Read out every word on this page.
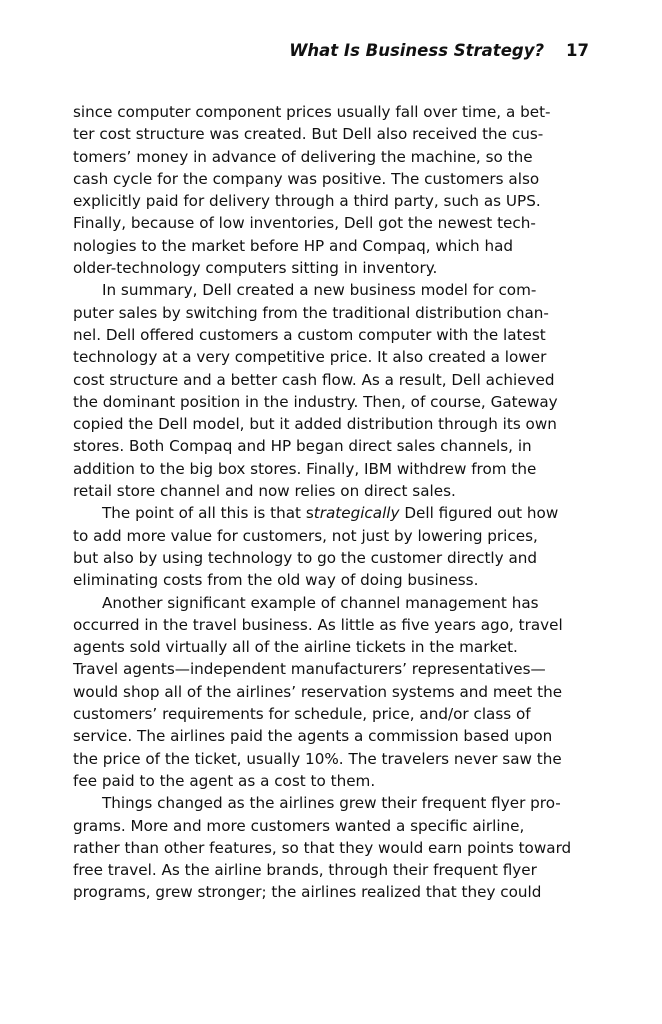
What Is Business Strategy? 17
since computer component prices usually fall over time, a bet-
ter cost structure was created. But Dell also received the cus-
tomers’ money in advance of delivering the machine, so the
cash cycle for the company was positive. The customers also
explicitly paid for delivery through a third party, such as UPS.
Finally, because of low inventories, Dell got the newest tech-
nologies to the market before HP and Compaq, which had
older-technology computers sitting in inventory.
In summary, Dell created a new business model for com-
puter sales by switching from the traditional distribution chan-
nel. Dell offered customers a custom computer with the latest
technology at a very competitive price. It also created a lower
cost structure and a better cash flow. As a result, Dell achieved
the dominant position in the industry. Then, of course, Gateway
copied the Dell model, but it added distribution through its own
stores. Both Compaq and HP began direct sales channels, in
addition to the big box stores. Finally, IBM withdrew from the
retail store channel and now relies on direct sales.
The point of all this is that strategically Dell figured out how
to add more value for customers, not just by lowering prices,
but also by using technology to go the customer directly and
eliminating costs from the old way of doing business.
Another significant example of channel management has
occurred in the travel business. As little as five years ago, travel
agents sold virtually all of the airline tickets in the market.
Travel agents—independent manufacturers’ representatives—
would shop all of the airlines’ reservation systems and meet the
customers’ requirements for schedule, price, and/or class of
service. The airlines paid the agents a commission based upon
the price of the ticket, usually 10%. The travelers never saw the
fee paid to the agent as a cost to them.
Things changed as the airlines grew their frequent flyer pro-
grams. More and more customers wanted a specific airline,
rather than other features, so that they would earn points toward
free travel. As the airline brands, through their frequent flyer
programs, grew stronger; the airlines realized that they could
